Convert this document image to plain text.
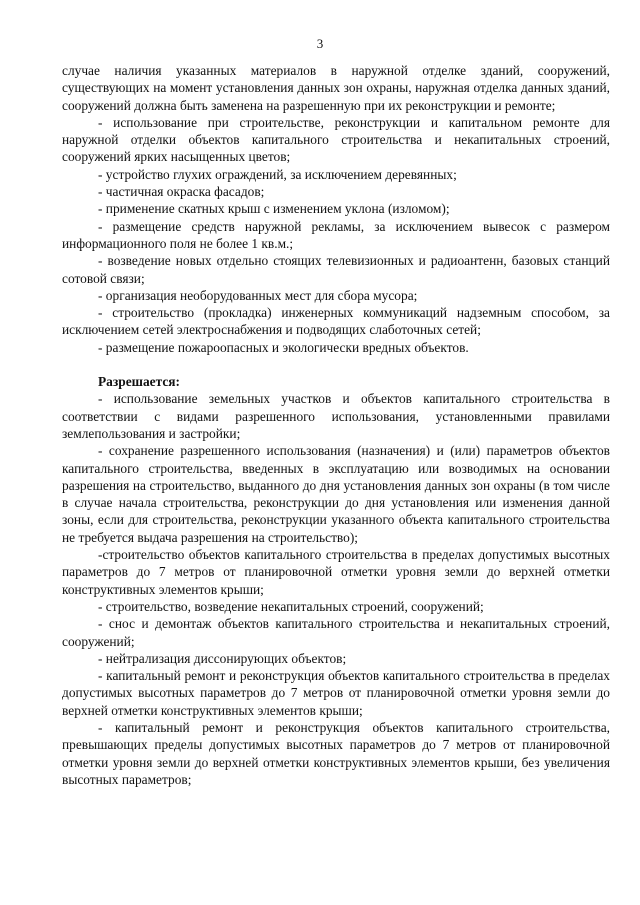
3

случае наличия указанных материалов в наружной отделке зданий, сооружений, существующих на момент установления данных зон охраны, наружная отделка данных зданий, сооружений должна быть заменена на разрешенную при их реконструкции и ремонте;

- использование при строительстве, реконструкции и капитальном ремонте для наружной отделки объектов капитального строительства и некапитальных строений, сооружений ярких насыщенных цветов;

- устройство глухих ограждений, за исключением деревянных;

- частичная окраска фасадов;

- применение скатных крыш с изменением уклона (изломом);

- размещение средств наружной рекламы, за исключением вывесок с размером информационного поля не более 1 кв.м.;

- возведение новых отдельно стоящих телевизионных и радиоантенн, базовых станций сотовой связи;

- организация необорудованных мест для сбора мусора;

- строительство (прокладка) инженерных коммуникаций надземным способом, за исключением сетей электроснабжения и подводящих слаботочных сетей;

- размещение пожароопасных и экологически вредных объектов.

Разрешается:

- использование земельных участков и объектов капитального строительства в соответствии с видами разрешенного использования, установленными правилами землепользования и застройки;

- сохранение разрешенного использования (назначения) и (или) параметров объектов капитального строительства, введенных в эксплуатацию или возводимых на основании разрешения на строительство, выданного до дня установления данных зон охраны (в том числе в случае начала строительства, реконструкции до дня установления или изменения данной зоны, если для строительства, реконструкции указанного объекта капитального строительства не требуется выдача разрешения на строительство);

-строительство объектов капитального строительства в пределах допустимых высотных параметров до 7 метров от планировочной отметки уровня земли до верхней отметки конструктивных элементов крыши;

- строительство, возведение некапитальных строений, сооружений;

- снос и демонтаж объектов капитального строительства и некапитальных строений, сооружений;

- нейтрализация диссонирующих объектов;

- капитальный ремонт и реконструкция объектов капитального строительства в пределах допустимых высотных параметров до 7 метров от планировочной отметки уровня земли до верхней отметки конструктивных элементов крыши;

- капитальный ремонт и реконструкция объектов капитального строительства, превышающих пределы допустимых высотных параметров до 7 метров от планировочной отметки уровня земли до верхней отметки конструктивных элементов крыши, без увеличения высотных параметров;
